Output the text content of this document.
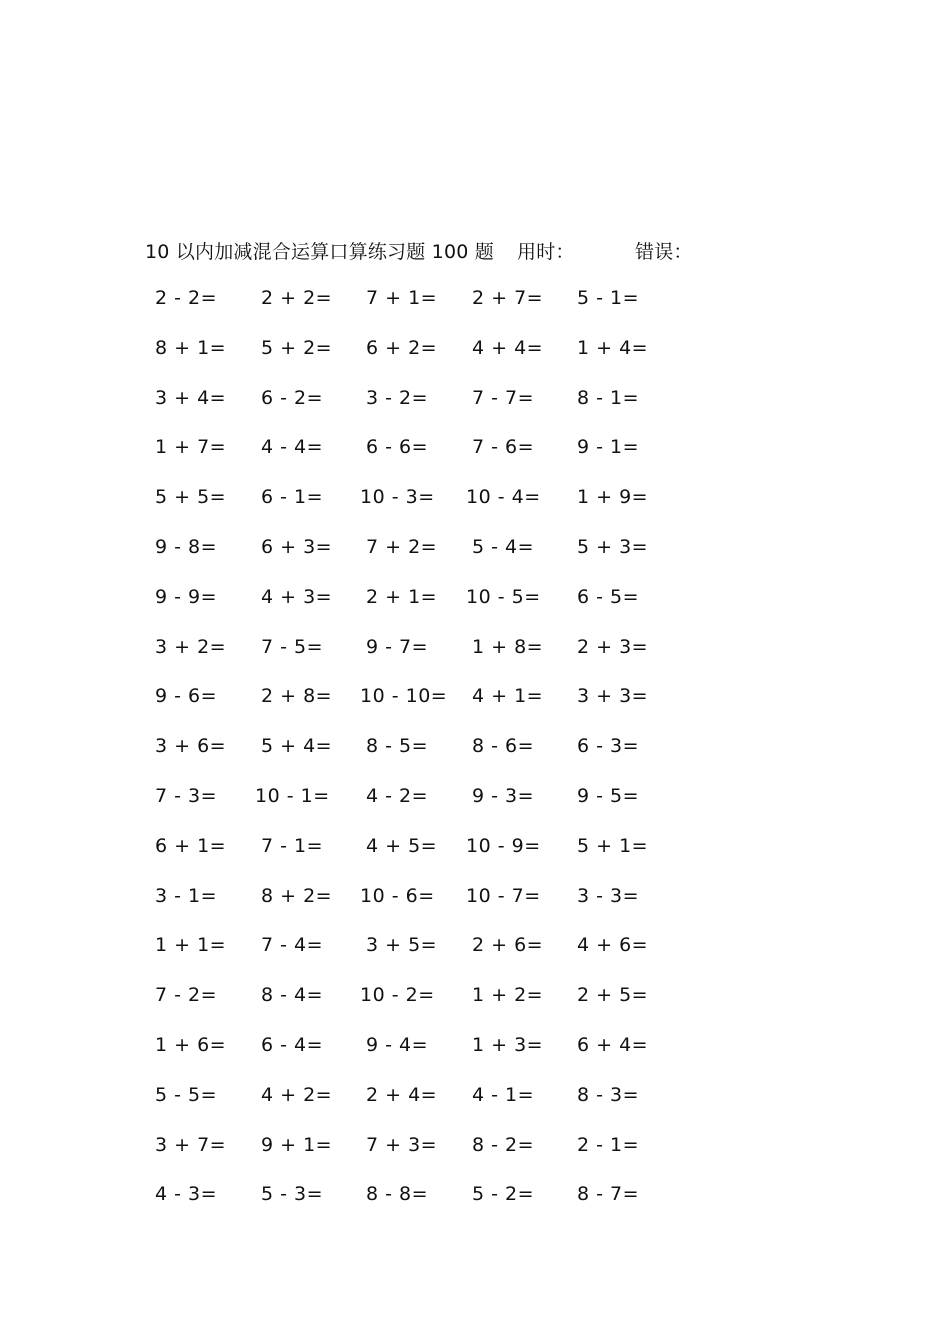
10 以内加减混合运算口算练习题 100 题	用时：	错误：
2 - 2= 2 + 2= 7 + 1= 2 + 7= 5 - 1=
8 + 1= 5 + 2= 6 + 2= 4 + 4= 1 + 4=
3 + 4= 6 - 2= 3 - 2= 7 - 7= 8 - 1=
1 + 7= 4 - 4= 6 - 6= 7 - 6= 9 - 1=
5 + 5= 6 - 1= 10 - 3= 10 - 4= 1 + 9=
9 - 8= 6 + 3= 7 + 2= 5 - 4= 5 + 3=
9 - 9= 4 + 3= 2 + 1= 10 - 5= 6 - 5=
3 + 2= 7 - 5= 9 - 7= 1 + 8= 2 + 3=
9 - 6= 2 + 8= 10 - 10= 4 + 1= 3 + 3=
3 + 6= 5 + 4= 8 - 5= 8 - 6= 6 - 3=
7 - 3= 10 - 1= 4 - 2= 9 - 3= 9 - 5=
6 + 1= 7 - 1= 4 + 5= 10 - 9= 5 + 1=
3 - 1= 8 + 2= 10 - 6= 10 - 7= 3 - 3=
1 + 1= 7 - 4= 3 + 5= 2 + 6= 4 + 6=
7 - 2= 8 - 4= 10 - 2= 1 + 2= 2 + 5=
1 + 6= 6 - 4= 9 - 4= 1 + 3= 6 + 4=
5 - 5= 4 + 2= 2 + 4= 4 - 1= 8 - 3=
3 + 7= 9 + 1= 7 + 3= 8 - 2= 2 - 1=
4 - 3= 5 - 3= 8 - 8= 5 - 2= 8 - 7=
